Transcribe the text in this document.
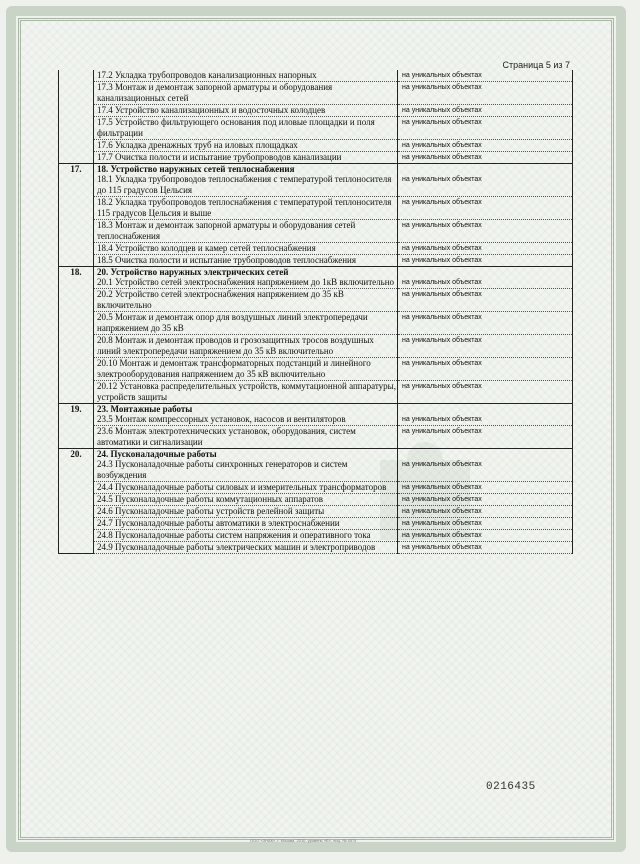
Страница 5 из 7
	17.2 Укладка трубопроводов канализационных напорных	на уникальных объектах
	17.3 Монтаж и демонтаж запорной арматуры и оборудования канализационных сетей	на уникальных объектах
	17.4 Устройство канализационных и водосточных колодцев	на уникальных объектах
	17.5 Устройство фильтрующего основания под иловые площадки и поля фильтрации	на уникальных объектах
	17.6 Укладка дренажных труб на иловых площадках	на уникальных объектах
	17.7 Очистка полости и испытание трубопроводов канализации	на уникальных объектах
17.	18. Устройство наружных сетей теплоснабжения	
	18.1 Укладка трубопроводов теплоснабжения с температурой теплоносителя до 115 градусов Цельсия	на уникальных объектах
	18.2 Укладка трубопроводов теплоснабжения с температурой теплоносителя 115 градусов Цельсия и выше	на уникальных объектах
	18.3 Монтаж и демонтаж запорной арматуры и оборудования сетей теплоснабжения	на уникальных объектах
	18.4 Устройство колодцев и камер сетей теплоснабжения	на уникальных объектах
	18.5 Очистка полости и испытание трубопроводов теплоснабжения	на уникальных объектах
18.	20. Устройство наружных электрических сетей	
	20.1 Устройство сетей электроснабжения напряжением до 1кВ включительно	на уникальных объектах
	20.2 Устройство сетей электроснабжения напряжением до 35 кВ включительно	на уникальных объектах
	20.5 Монтаж и демонтаж опор для воздушных линий электропередачи напряжением до 35 кВ	на уникальных объектах
	20.8 Монтаж и демонтаж проводов и грозозащитных тросов воздушных линий электропередачи напряжением до 35 кВ включительно	на уникальных объектах
	20.10 Монтаж и демонтаж трансформаторных подстанций и линейного электрооборудования напряжением до 35 кВ включительно	на уникальных объектах
	20.12 Установка распределительных устройств, коммутационной аппаратуры, устройств защиты	на уникальных объектах
19.	23. Монтажные работы	
	23.5 Монтаж компрессорных установок, насосов и вентиляторов	на уникальных объектах
	23.6 Монтаж электротехнических установок, оборудования, систем автоматики и сигнализации	на уникальных объектах
20.	24. Пусконаладочные работы	
	24.3 Пусконаладочные работы синхронных генераторов и систем возбуждения	на уникальных объектах
	24.4 Пусконаладочные работы силовых и измерительных трансформаторов	на уникальных объектах
	24.5 Пусконаладочные работы коммутационных аппаратов	на уникальных объектах
	24.6 Пусконаладочные работы устройств релейной защиты	на уникальных объектах
	24.7 Пусконаладочные работы автоматики в электроснабжении	на уникальных объектах
	24.8 Пусконаладочные работы систем напряжения и оперативного тока	на уникальных объектах
	24.9 Пусконаладочные работы электрических машин и электроприводов	на уникальных объектах
0216435
ООО «ЗНАК», г. Москва, 2010, уровень «Б», лиц. № 4574
